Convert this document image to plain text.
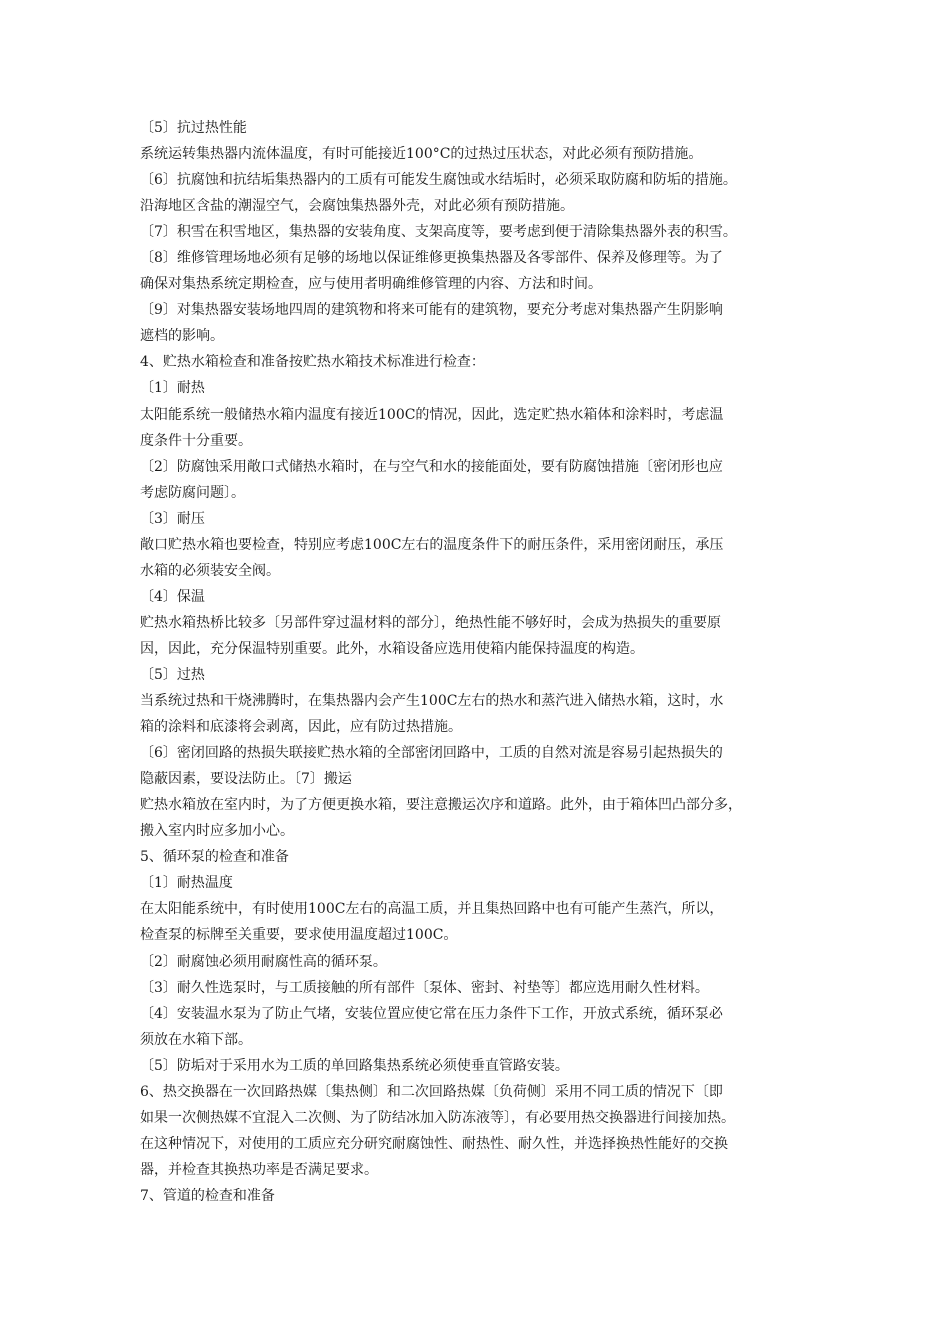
〔5〕抗过热性能
系统运转集热器内流体温度，有时可能接近100°C的过热过压状态，对此必须有预防措施。
〔6〕抗腐蚀和抗结垢集热器内的工质有可能发生腐蚀或水结垢时，必须采取防腐和防垢的措施。
沿海地区含盐的潮湿空气，会腐蚀集热器外壳，对此必须有预防措施。
〔7〕积雪在积雪地区，集热器的安装角度、支架高度等，要考虑到便于清除集热器外表的积雪。
〔8〕维修管理场地必须有足够的场地以保证维修更换集热器及各零部件、保养及修理等。为了
确保对集热系统定期检查，应与使用者明确维修管理的内容、方法和时间。
〔9〕对集热器安装场地四周的建筑物和将来可能有的建筑物，要充分考虑对集热器产生阴影响
遮档的影响。
4、贮热水箱检查和准备按贮热水箱技术标准进行检查：
〔1〕耐热
太阳能系统一般储热水箱内温度有接近100C的情况，因此，选定贮热水箱体和涂料时，考虑温
度条件十分重要。
〔2〕防腐蚀采用敞口式储热水箱时，在与空气和水的接能面处，要有防腐蚀措施〔密闭形也应
考虑防腐问题〕。
〔3〕耐压
敞口贮热水箱也要检查，特别应考虑100C左右的温度条件下的耐压条件，采用密闭耐压，承压
水箱的必须装安全阀。
〔4〕保温
贮热水箱热桥比较多〔另部件穿过温材料的部分〕，绝热性能不够好时，会成为热损失的重要原
因，因此，充分保温特别重要。此外，水箱设备应选用使箱内能保持温度的构造。
〔5〕过热
当系统过热和干烧沸腾时，在集热器内会产生100C左右的热水和蒸汽进入储热水箱，这时，水
箱的涂料和底漆将会剥离，因此，应有防过热措施。
〔6〕密闭回路的热损失联接贮热水箱的全部密闭回路中，工质的自然对流是容易引起热损失的
隐蔽因素，要设法防止。〔7〕搬运
贮热水箱放在室内时，为了方便更换水箱，要注意搬运次序和道路。此外，由于箱体凹凸部分多，
搬入室内时应多加小心。
5、循环泵的检查和准备
〔1〕耐热温度
在太阳能系统中，有时使用100C左右的高温工质，并且集热回路中也有可能产生蒸汽，所以，
检查泵的标牌至关重要，要求使用温度超过100C。
〔2〕耐腐蚀必须用耐腐性高的循环泵。
〔3〕耐久性选泵时，与工质接触的所有部件〔泵体、密封、衬垫等〕都应选用耐久性材料。
〔4〕安装温水泵为了防止气堵，安装位置应使它常在压力条件下工作，开放式系统，循环泵必
须放在水箱下部。
〔5〕防垢对于采用水为工质的单回路集热系统必须使垂直管路安装。
6、热交换器在一次回路热媒〔集热侧〕和二次回路热媒〔负荷侧〕采用不同工质的情况下〔即
如果一次侧热媒不宜混入二次侧、为了防结冰加入防冻液等〕，有必要用热交换器进行间接加热。
在这种情况下，对使用的工质应充分研究耐腐蚀性、耐热性、耐久性，并选择换热性能好的交换
器，并检查其换热功率是否满足要求。
7、管道的检查和准备
